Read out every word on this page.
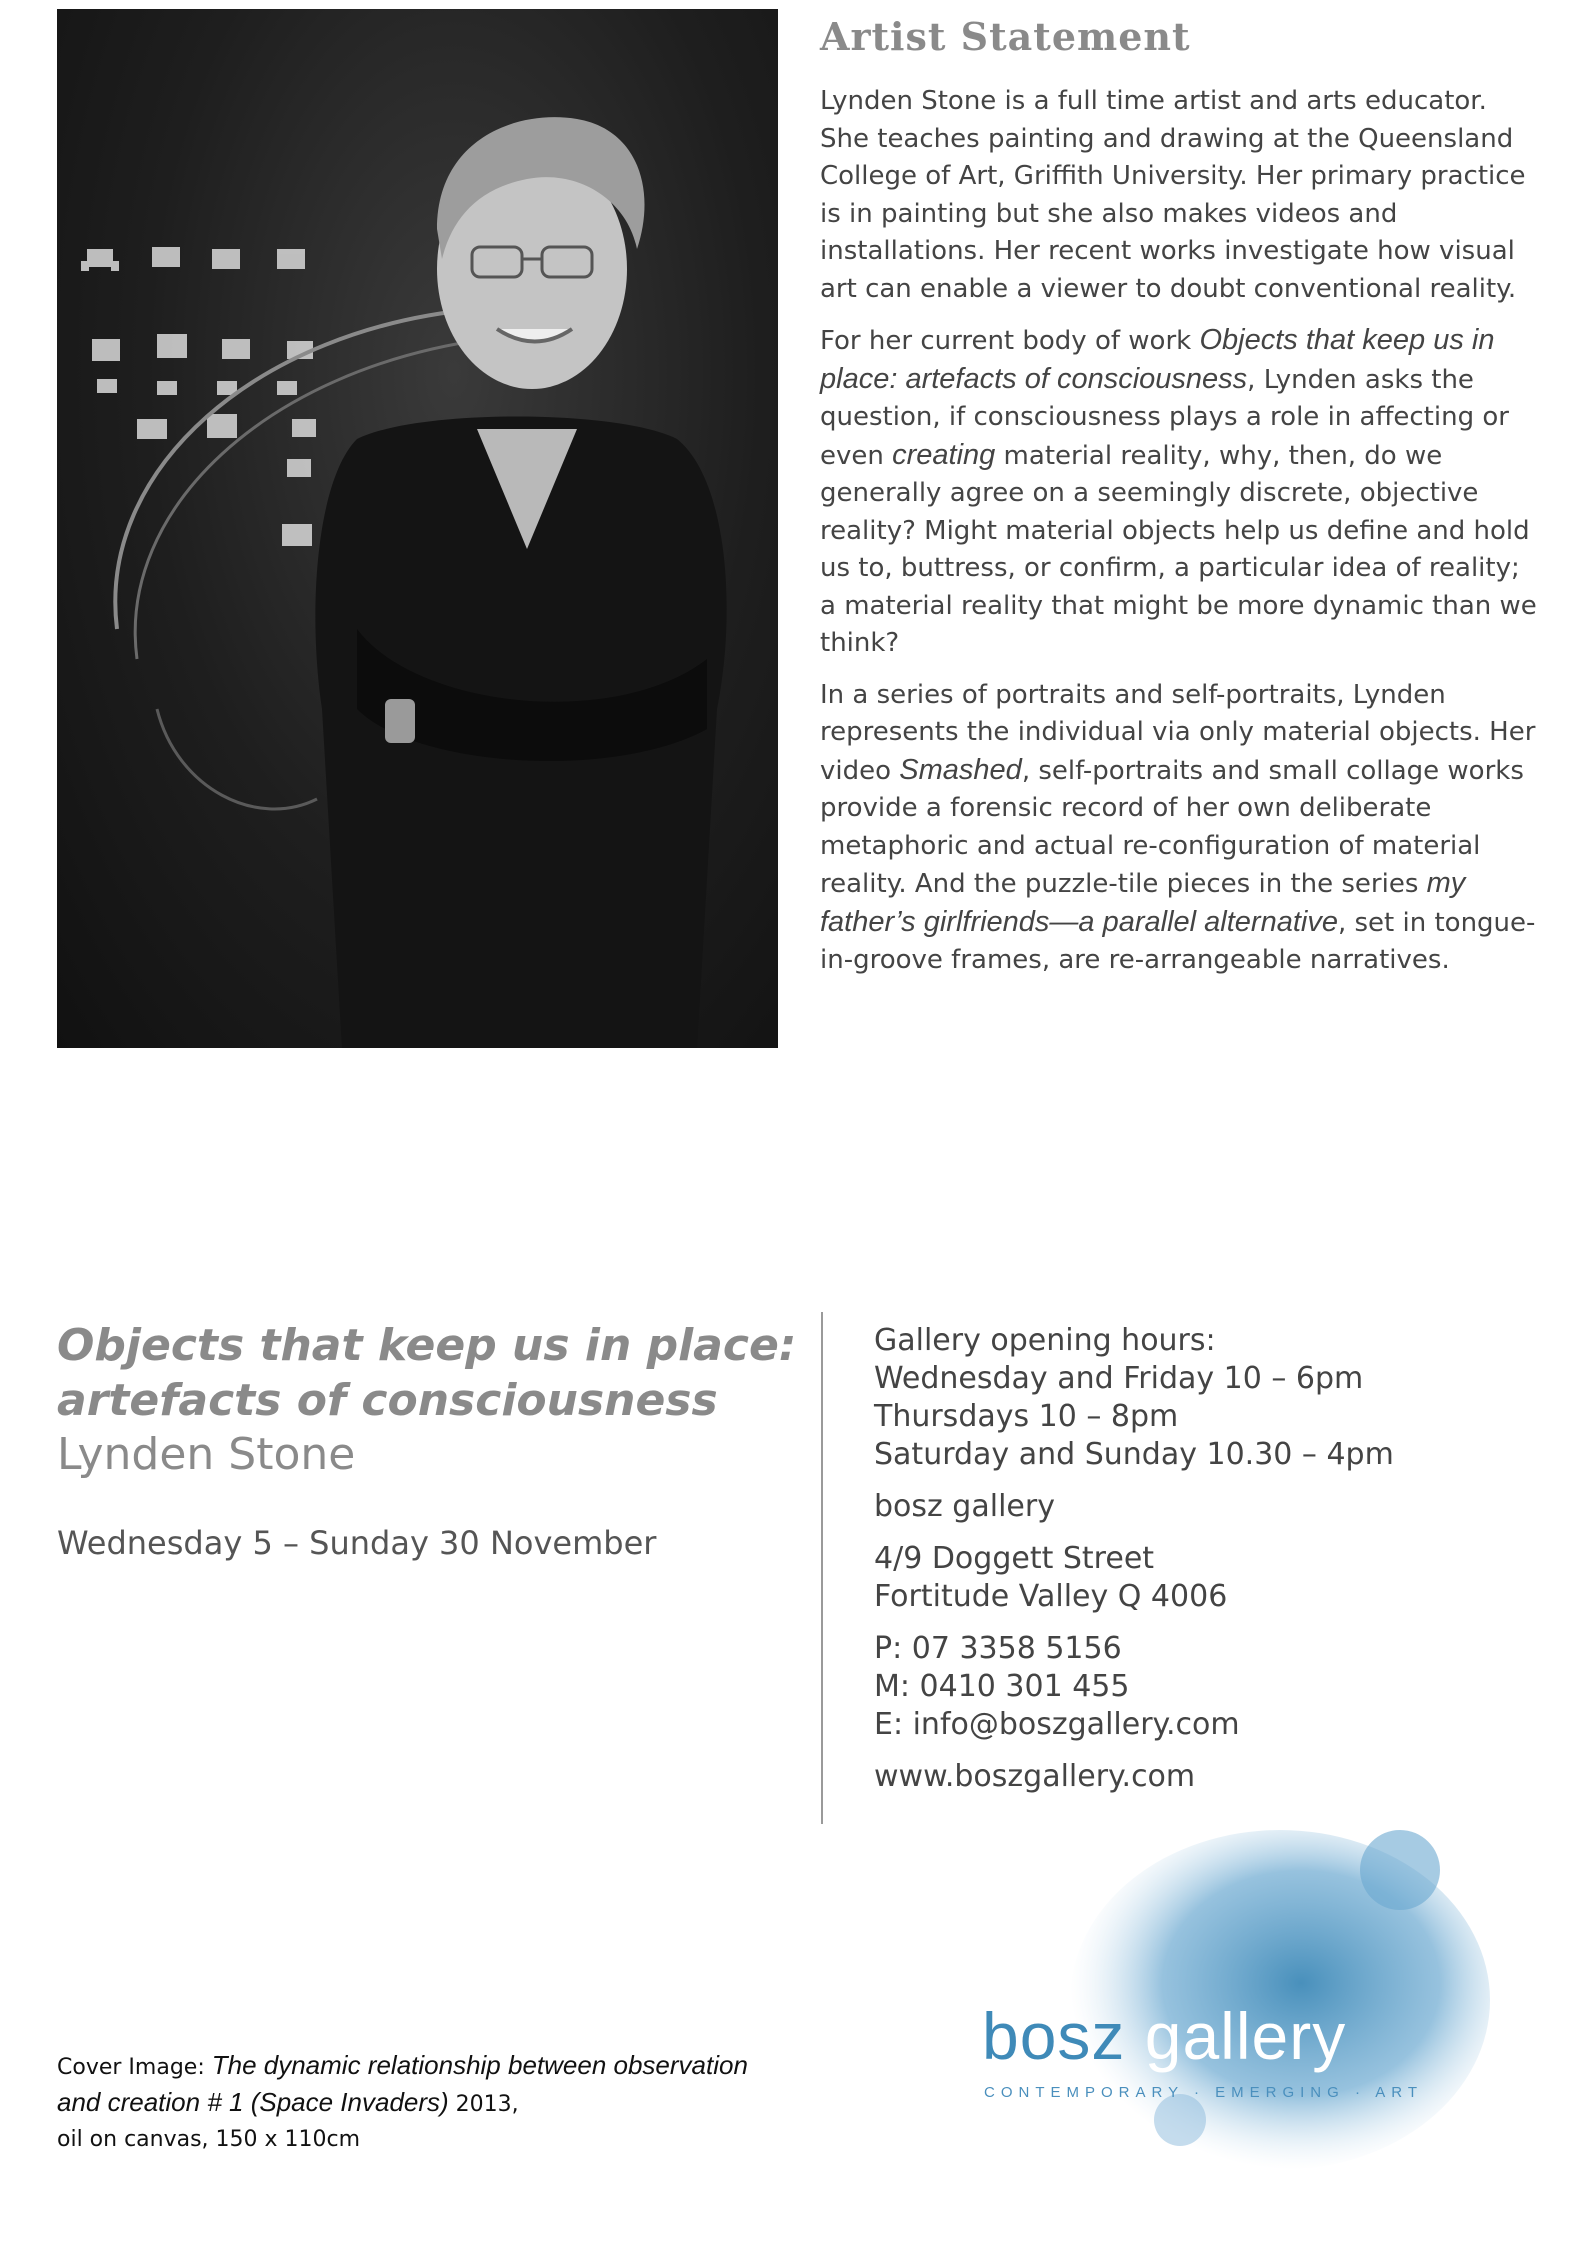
Artist Statement

Lynden Stone is a full time artist and arts educator. She teaches painting and drawing at the Queensland College of Art, Griffith University. Her primary practice is in painting but she also makes videos and installations. Her recent works investigate how visual art can enable a viewer to doubt conventional reality.

For her current body of work Objects that keep us in place: artefacts of consciousness, Lynden asks the question, if consciousness plays a role in affecting or even creating material reality, why, then, do we generally agree on a seemingly discrete, objective reality? Might material objects help us define and hold us to, buttress, or confirm, a particular idea of reality; a material reality that might be more dynamic than we think?

In a series of portraits and self-portraits, Lynden represents the individual via only material objects. Her video Smashed, self-portraits and small collage works provide a forensic record of her own deliberate metaphoric and actual re-configuration of material reality. And the puzzle-tile pieces in the series my father’s girlfriends—a parallel alternative, set in tongue-in-groove frames, are re-arrangeable narratives.

Objects that keep us in place:
artefacts of consciousness
Lynden Stone
Wednesday 5 – Sunday 30 November
Gallery opening hours:
Wednesday and Friday 10 – 6pm
Thursdays 10 – 8pm
Saturday and Sunday 10.30 – 4pm
bosz gallery
4/9 Doggett Street
Fortitude Valley Q 4006
P: 07 3358 5156
M: 0410 301 455
E: info@boszgallery.com
www.boszgallery.com
bosz gallery
CONTEMPORARY · EMERGING · ART
Cover Image: The dynamic relationship between observation and creation # 1 (Space Invaders) 2013,
oil on canvas, 150 x 110cm
